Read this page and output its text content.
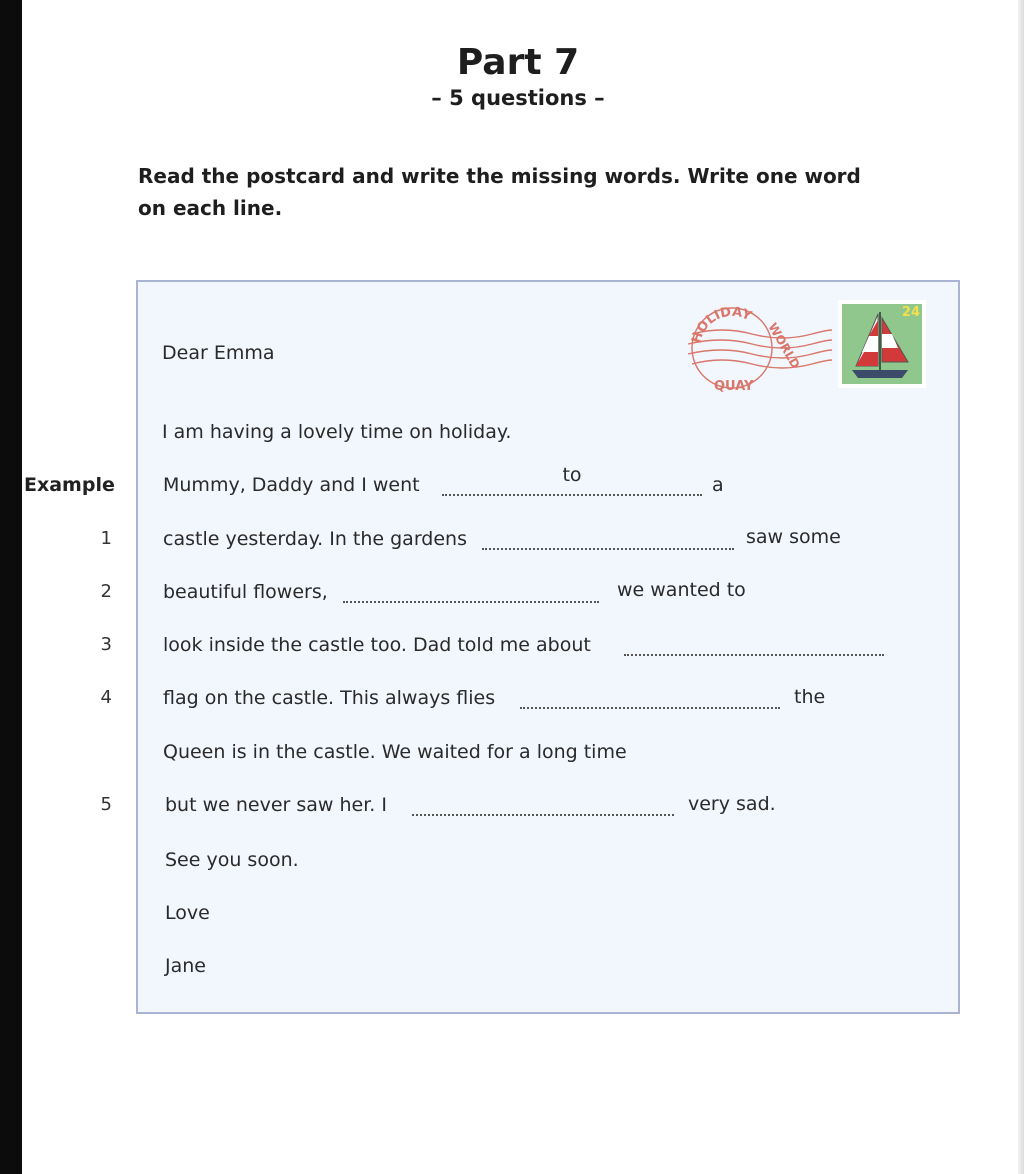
Part 7
– 5 questions –
Read the postcard and write the missing words. Write one word on each line.
Example
1
2
3
4
5
HOLIDAY
WORLD
QUAY
24
Dear Emma
I am having a lovely time on holiday.
Mummy, Daddy and I went	to	a
castle yesterday. In the gardens	saw some
beautiful flowers,	we wanted to
look inside the castle too. Dad told me about
flag on the castle. This always flies	the
Queen is in the castle. We waited for a long time
but we never saw her. I	very sad.
See you soon.
Love
Jane
